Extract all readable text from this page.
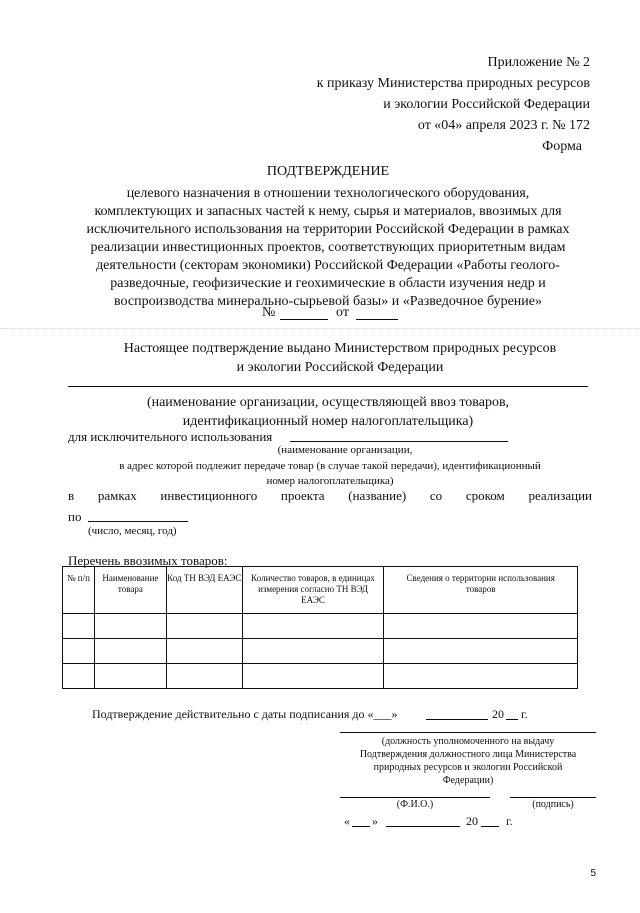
Приложение № 2
к приказу Министерства природных ресурсов
и экологии Российской Федерации
от «04» апреля 2023 г. № 172
Форма
ПОДТВЕРЖДЕНИЕ
целевого назначения в отношении технологического оборудования,
комплектующих и запасных частей к нему, сырья и материалов, ввозимых для
исключительного использования на территории Российской Федерации в рамках
реализации инвестиционных проектов, соответствующих приоритетным видам
деятельности (секторам экономики) Российской Федерации «Работы геолого-
разведочные, геофизические и геохимические в области изучения недр и
воспроизводства минерально-сырьевой базы» и «Разведочное бурение»
№	от
Настоящее подтверждение выдано Министерством природных ресурсов
и экологии Российской Федерации
(наименование организации, осуществляющей ввоз товаров,
идентификационный номер налогоплательщика)
для исключительного использования
(наименование организации,
в адрес которой подлежит передаче товар (в случае такой передачи), идентификационный
номер налогоплательщика)
в рамках инвестиционного проекта (название) со сроком реализации
по
(число, месяц, год)
Перечень ввозимых товаров:
№ п/п	Наименование товара	Код ТН ВЭД ЕАЭС	Количество товаров, в единицах измерения согласно ТН ВЭД ЕАЭС	Сведения о территории использования товаров

Подтверждение действительно с даты подписания до «___»	20 г.
(должность уполномоченного на выдачу
Подтверждения должностного лица Министерства
природных ресурсов и экологии Российской
Федерации)
(Ф.И.О.)	(подпись)
« »	20 г.
5
